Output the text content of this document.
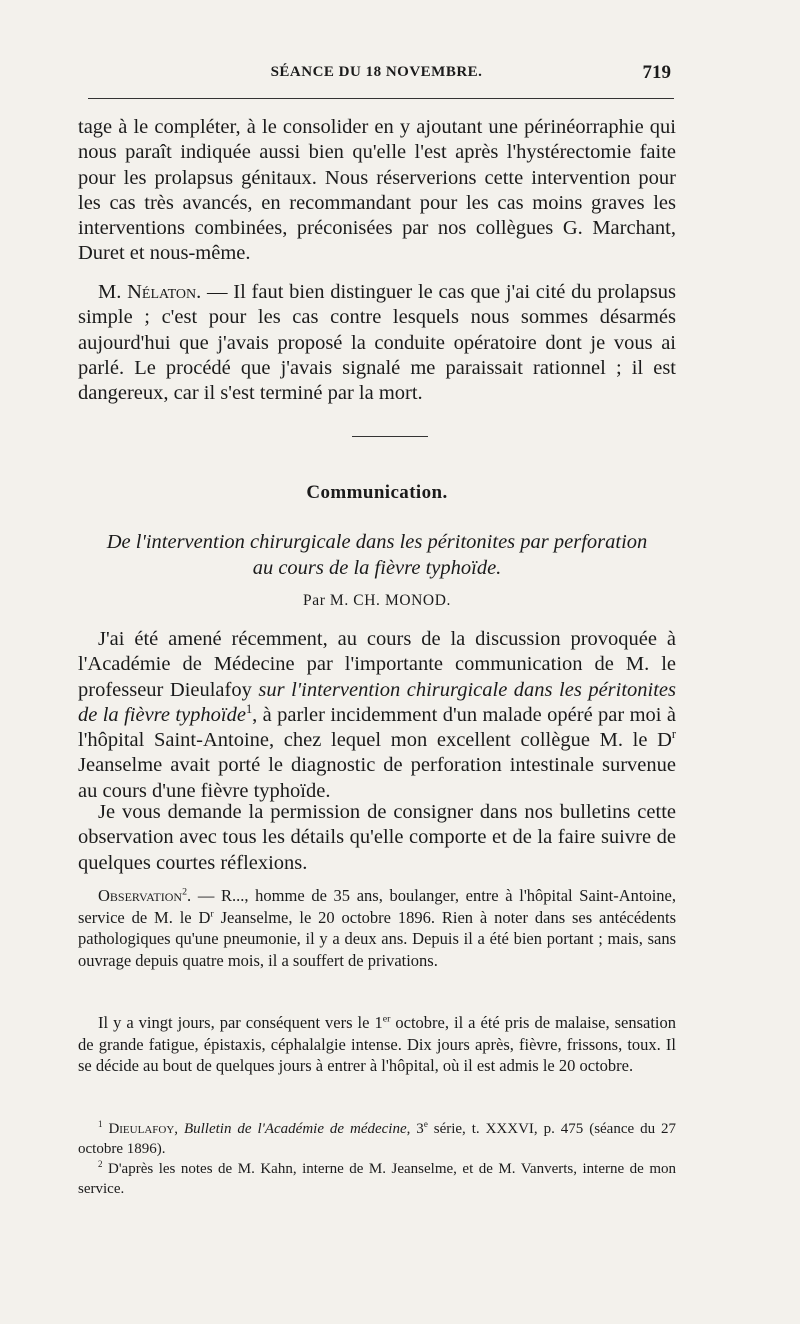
SÉANCE DU 18 NOVEMBRE.	719

tage à le compléter, à le consolider en y ajoutant une périnéorraphie qui nous paraît indiquée aussi bien qu'elle l'est après l'hystérectomie faite pour les prolapsus génitaux. Nous réserverions cette intervention pour les cas très avancés, en recommandant pour les cas moins graves les interventions combinées, préconisées par nos collègues G. Marchant, Duret et nous-même.

M. Nélaton. — Il faut bien distinguer le cas que j'ai cité du prolapsus simple ; c'est pour les cas contre lesquels nous sommes désarmés aujourd'hui que j'avais proposé la conduite opératoire dont je vous ai parlé. Le procédé que j'avais signalé me paraissait rationnel ; il est dangereux, car il s'est terminé par la mort.

Communication.
De l'intervention chirurgicale dans les péritonites par perforation
au cours de la fièvre typhoïde.
Par M. CH. MONOD.

J'ai été amené récemment, au cours de la discussion provoquée à l'Académie de Médecine par l'importante communication de M. le professeur Dieulafoy sur l'intervention chirurgicale dans les péritonites de la fièvre typhoïde$^1$, à parler incidemment d'un malade opéré par moi à l'hôpital Saint-Antoine, chez lequel mon excellent collègue M. le $D^r$ Jeanselme avait porté le diagnostic de perforation intestinale survenue au cours d'une fièvre typhoïde.

Je vous demande la permission de consigner dans nos bulletins cette observation avec tous les détails qu'elle comporte et de la faire suivre de quelques courtes réflexions.

Observation$^2$. — R..., homme de 35 ans, boulanger, entre à l'hôpital Saint-Antoine, service de M. le $D^r$ Jeanselme, le 20 octobre 1896. Rien à noter dans ses antécédents pathologiques qu'une pneumonie, il y a deux ans. Depuis il a été bien portant ; mais, sans ouvrage depuis quatre mois, il a souffert de privations.

Il y a vingt jours, par conséquent vers le 1er octobre, il a été pris de malaise, sensation de grande fatigue, épistaxis, céphalalgie intense. Dix jours après, fièvre, frissons, toux. Il se décide au bout de quelques jours à entrer à l'hôpital, où il est admis le 20 octobre.

$^1$ Dieulafoy, Bulletin de l'Académie de médecine, 3e série, t. XXXVI, p. 475 (séance du 27 octobre 1896).

$^2$ D'après les notes de M. Kahn, interne de M. Jeanselme, et de M. Vanverts, interne de mon service.
